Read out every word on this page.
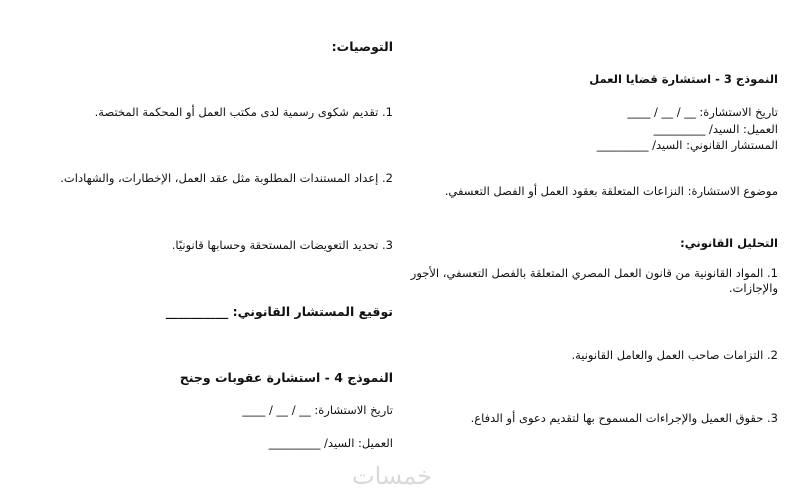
التوصيات:

1. تقديم شكوى رسمية لدى مكتب العمل أو المحكمة المختصة.

2. إعداد المستندات المطلوبة مثل عقد العمل، الإخطارات، والشهادات.

3. تحديد التعويضات المستحقة وحسابها قانونيًا.

توقيع المستشار القانوني: __________

النموذج 4 - استشارة عقوبات وجنح

تاريخ الاستشارة: __ / __ / ____

العميل: السيد/ _________

النموذج 3 - استشارة قضايا العمل

تاريخ الاستشارة: __ / __ / ____

العميل: السيد/ _________

المستشار القانوني: السيد/ _________

موضوع الاستشارة: النزاعات المتعلقة بعقود العمل أو الفصل التعسفي.

التحليل القانوني:

1. المواد القانونية من قانون العمل المصري المتعلقة بالفصل التعسفي، الأجور والإجازات.

2. التزامات صاحب العمل والعامل القانونية.

3. حقوق العميل والإجراءات المسموح بها لتقديم دعوى أو الدفاع.

خمسات
